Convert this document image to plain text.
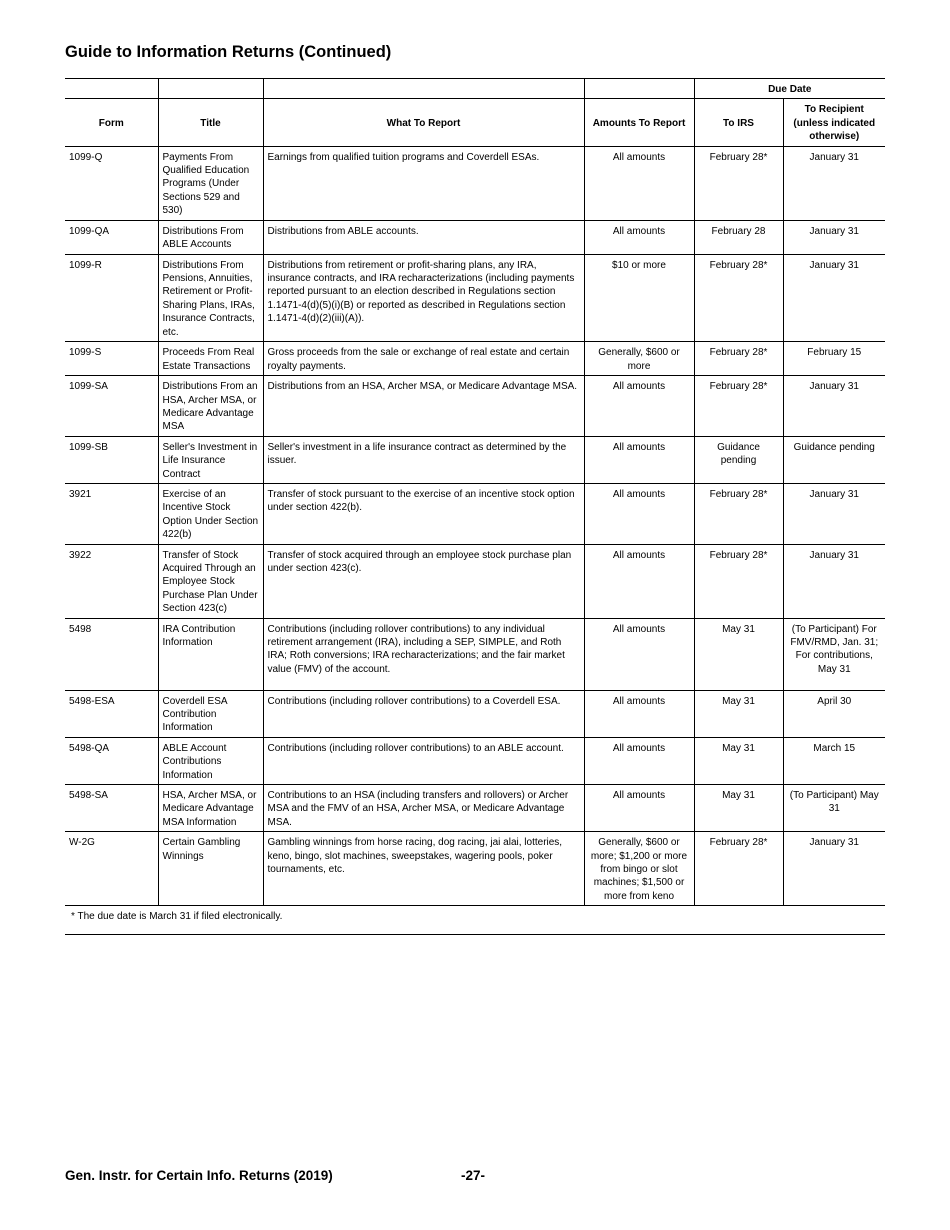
Guide to Information Returns (Continued)
				Due Date	
Form	Title	What To Report	Amounts To Report	To IRS	To Recipient (unless indicated otherwise)
1099-Q	Payments From Qualified Education Programs (Under Sections 529 and 530)	Earnings from qualified tuition programs and Coverdell ESAs.	All amounts	February 28*	January 31
1099-QA	Distributions From ABLE Accounts	Distributions from ABLE accounts.	All amounts	February 28	January 31
1099-R	Distributions From Pensions, Annuities, Retirement or Profit-Sharing Plans, IRAs, Insurance Contracts, etc.	Distributions from retirement or profit-sharing plans, any IRA, insurance contracts, and IRA recharacterizations (including payments reported pursuant to an election described in Regulations section 1.1471-4(d)(5)(i)(B) or reported as described in Regulations section 1.1471-4(d)(2)(iii)(A)).	$10 or more	February 28*	January 31
1099-S	Proceeds From Real Estate Transactions	Gross proceeds from the sale or exchange of real estate and certain royalty payments.	Generally, $600 or more	February 28*	February 15
1099-SA	Distributions From an HSA, Archer MSA, or Medicare Advantage MSA	Distributions from an HSA, Archer MSA, or Medicare Advantage MSA.	All amounts	February 28*	January 31
1099-SB	Seller's Investment in Life Insurance Contract	Seller's investment in a life insurance contract as determined by the issuer.	All amounts	Guidance pending	Guidance pending
3921	Exercise of an Incentive Stock Option Under Section 422(b)	Transfer of stock pursuant to the exercise of an incentive stock option under section 422(b).	All amounts	February 28*	January 31
3922	Transfer of Stock Acquired Through an Employee Stock Purchase Plan Under Section 423(c)	Transfer of stock acquired through an employee stock purchase plan under section 423(c).	All amounts	February 28*	January 31
5498	IRA Contribution Information	Contributions (including rollover contributions) to any individual retirement arrangement (IRA), including a SEP, SIMPLE, and Roth IRA; Roth conversions; IRA recharacterizations; and the fair market value (FMV) of the account.	All amounts	May 31	(To Participant) For FMV/RMD, Jan. 31; For contributions, May 31
5498-ESA	Coverdell ESA Contribution Information	Contributions (including rollover contributions) to a Coverdell ESA.	All amounts	May 31	April 30
5498-QA	ABLE Account Contributions Information	Contributions (including rollover contributions) to an ABLE account.	All amounts	May 31	March 15
5498-SA	HSA, Archer MSA, or Medicare Advantage MSA Information	Contributions to an HSA (including transfers and rollovers) or Archer MSA and the FMV of an HSA, Archer MSA, or Medicare Advantage MSA.	All amounts	May 31	(To Participant) May 31
W-2G	Certain Gambling Winnings	Gambling winnings from horse racing, dog racing, jai alai, lotteries, keno, bingo, slot machines, sweepstakes, wagering pools, poker tournaments, etc.	Generally, $600 or more; $1,200 or more from bingo or slot machines; $1,500 or more from keno	February 28*	January 31
* The due date is March 31 if filed electronically.					
Gen. Instr. for Certain Info. Returns (2019)	-27-
